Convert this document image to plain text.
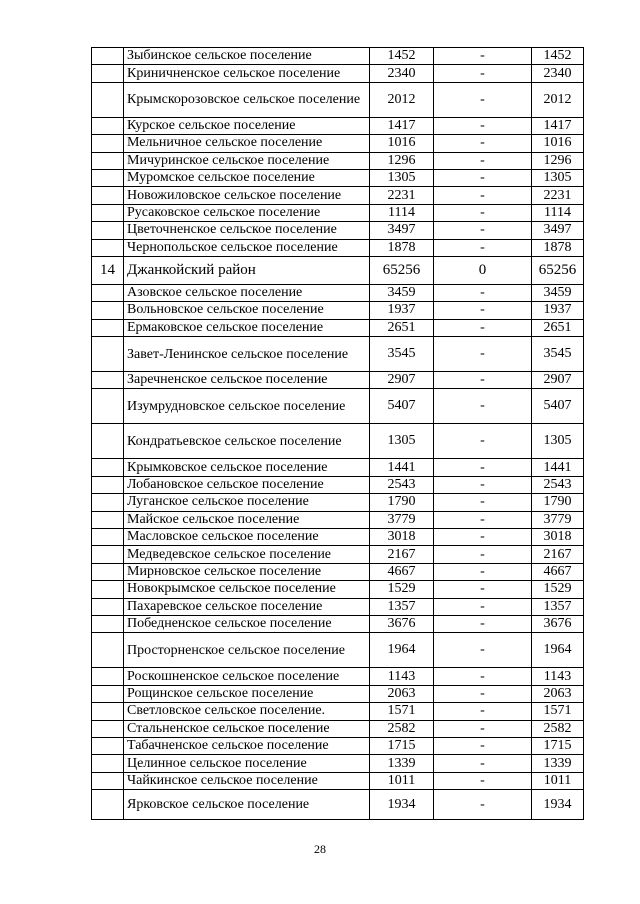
	Зыбинское сельское поселение	1452	-	1452
	Криничненское сельское поселение	2340	-	2340
	Крымскорозовское сельское поселение	2012	-	2012
	Курское сельское поселение	1417	-	1417
	Мельничное сельское поселение	1016	-	1016
	Мичуринское сельское поселение	1296	-	1296
	Муромское сельское поселение	1305	-	1305
	Новожиловское сельское поселение	2231	-	2231
	Русаковское сельское поселение	1114	-	1114
	Цветочненское сельское поселение	3497	-	3497
	Чернопольское сельское поселение	1878	-	1878
14	Джанкойский район	65256	0	65256
	Азовское сельское поселение	3459	-	3459
	Вольновское сельское поселение	1937	-	1937
	Ермаковское сельское поселение	2651	-	2651
	Завет-Ленинское сельское поселение	3545	-	3545
	Заречненское сельское поселение	2907	-	2907
	Изумрудновское сельское поселение	5407	-	5407
	Кондратьевское сельское поселение	1305	-	1305
	Крымковское сельское поселение	1441	-	1441
	Лобановское сельское поселение	2543	-	2543
	Луганское сельское поселение	1790	-	1790
	Майское сельское поселение	3779	-	3779
	Масловское сельское поселение	3018	-	3018
	Медведевское сельское поселение	2167	-	2167
	Мирновское сельское поселение	4667	-	4667
	Новокрымское сельское поселение	1529	-	1529
	Пахаревское сельское поселение	1357	-	1357
	Победненское сельское поселение	3676	-	3676
	Просторненское сельское поселение	1964	-	1964
	Роскошненское сельское поселение	1143	-	1143
	Рощинское сельское поселение	2063	-	2063
	Светловское сельское поселение.	1571	-	1571
	Стальненское сельское поселение	2582	-	2582
	Табачненское сельское поселение	1715	-	1715
	Целинное сельское поселение	1339	-	1339
	Чайкинское сельское поселение	1011	-	1011
	Ярковское сельское поселение	1934	-	1934
28
